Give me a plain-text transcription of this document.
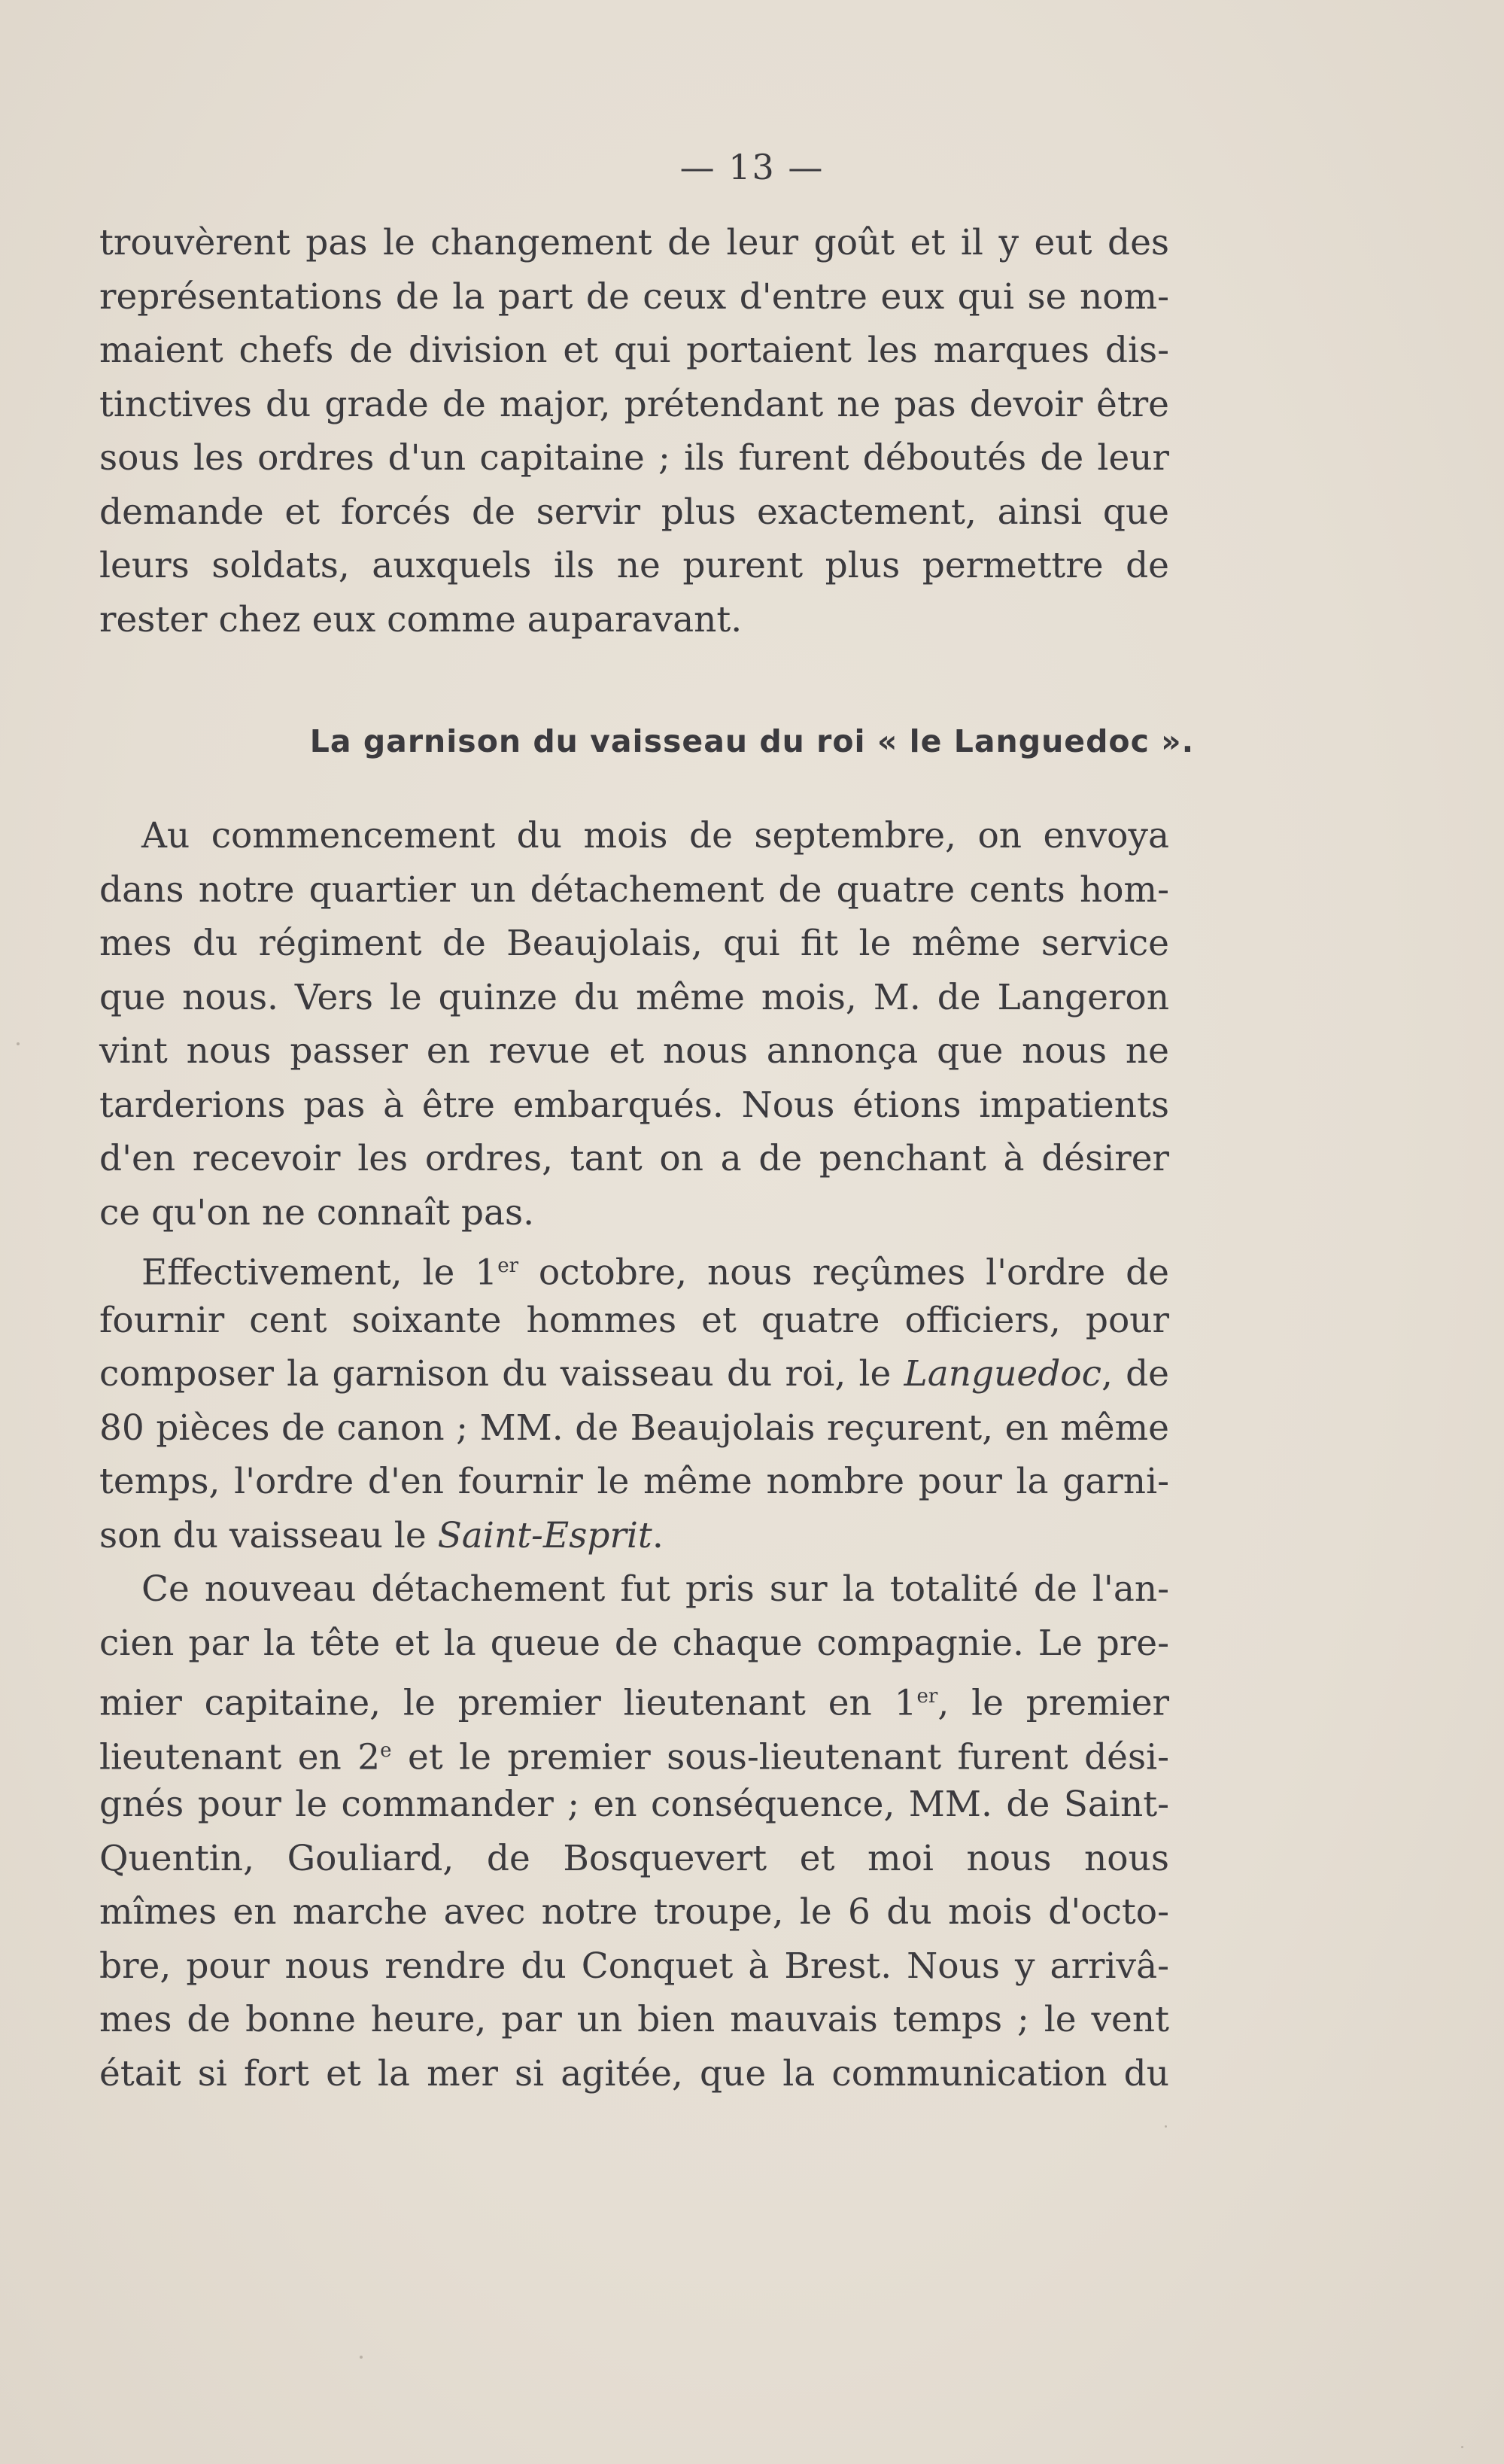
— 13 —
trouvèrent pas le changement de leur goût et il y eut des
représentations de la part de ceux d'entre eux qui se nom-
maient chefs de division et qui portaient les marques dis-
tinctives du grade de major, prétendant ne pas devoir être
sous les ordres d'un capitaine ; ils furent déboutés de leur
demande et forcés de servir plus exactement, ainsi que
leurs soldats, auxquels ils ne purent plus permettre de
rester chez eux comme auparavant.
La garnison du vaisseau du roi « le Languedoc ».
Au commencement du mois de septembre, on envoya
dans notre quartier un détachement de quatre cents hom-
mes du régiment de Beaujolais, qui fit le même service
que nous. Vers le quinze du même mois, M. de Langeron
vint nous passer en revue et nous annonça que nous ne
tarderions pas à être embarqués. Nous étions impatients
d'en recevoir les ordres, tant on a de penchant à désirer
ce qu'on ne connaît pas.
Effectivement, le 1er octobre, nous reçûmes l'ordre de
fournir cent soixante hommes et quatre officiers, pour
composer la garnison du vaisseau du roi, le Languedoc, de
80 pièces de canon ; MM. de Beaujolais reçurent, en même
temps, l'ordre d'en fournir le même nombre pour la garni-
son du vaisseau le Saint-Esprit.
Ce nouveau détachement fut pris sur la totalité de l'an-
cien par la tête et la queue de chaque compagnie. Le pre-
mier capitaine, le premier lieutenant en 1er, le premier
lieutenant en 2e et le premier sous-lieutenant furent dési-
gnés pour le commander ; en conséquence, MM. de Saint-
Quentin, Gouliard, de Bosquevert et moi nous nous
mîmes en marche avec notre troupe, le 6 du mois d'octo-
bre, pour nous rendre du Conquet à Brest. Nous y arrivâ-
mes de bonne heure, par un bien mauvais temps ; le vent
était si fort et la mer si agitée, que la communication du
